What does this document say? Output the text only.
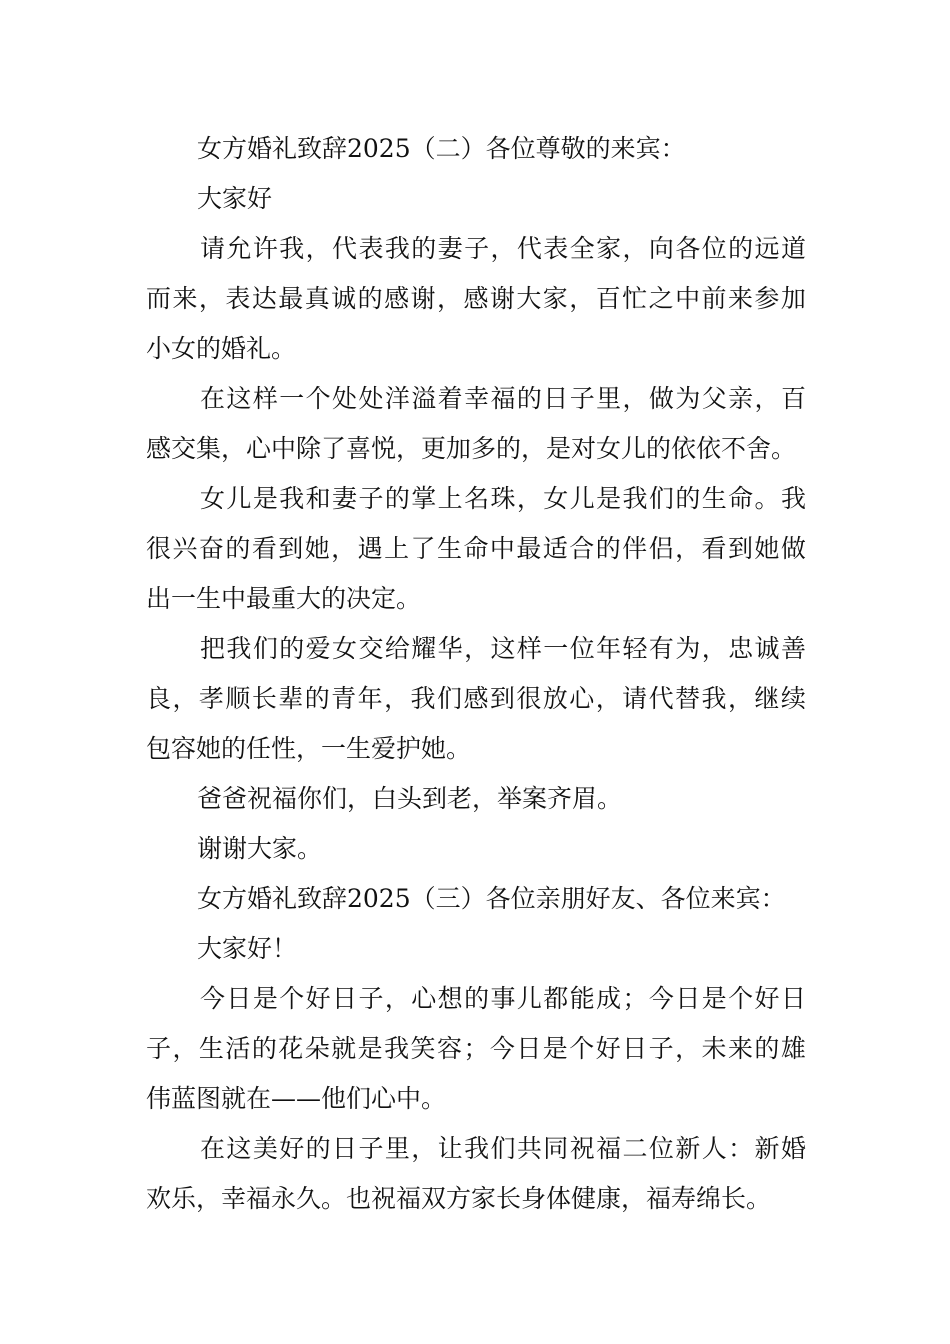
女方婚礼致辞2025（二）各位尊敬的来宾：

大家好

请 允 许 我 ， 代 表 我 的 妻 子 ， 代 表 全 家 ， 向 各 位 的 远 道
而 来 ， 表 达 最 真 诚 的 感 谢 ， 感 谢 大 家 ， 百 忙 之 中 前 来 参 加
小女的婚礼。

在 这 样 一 个 处 处 洋 溢 着 幸 福 的 日 子 里 ， 做 为 父 亲 ， 百
感交集，心中除了喜悦，更加多的，是对女儿的依依不舍。

女 儿 是 我 和 妻 子 的 掌 上 名 珠 ， 女 儿 是 我 们 的 生 命 。 我
很 兴 奋 的 看 到 她 ， 遇 上 了 生 命 中 最 适 合 的 伴 侣 ， 看 到 她 做
出一生中最重大的决定。

把 我 们 的 爱 女 交 给 耀 华 ， 这 样 一 位 年 轻 有 为 ， 忠 诚 善
良 ， 孝 顺 长 辈 的 青 年 ， 我 们 感 到 很 放 心 ， 请 代 替 我 ， 继 续
包容她的任性，一生爱护她。

爸爸祝福你们，白头到老，举案齐眉。

谢谢大家。

女方婚礼致辞2025（三）各位亲朋好友、各位来宾：

大家好！

今 日 是 个 好 日 子 ， 心 想 的 事 儿 都 能 成 ； 今 日 是 个 好 日
子 ， 生 活 的 花 朵 就 是 我 笑 容 ； 今 日 是 个 好 日 子 ， 未 来 的 雄
伟蓝图就在——他们心中。

在 这 美 好 的 日 子 里 ， 让 我 们 共 同 祝 福 二 位 新 人 ： 新 婚
欢乐，幸福永久。也祝福双方家长身体健康，福寿绵长。
